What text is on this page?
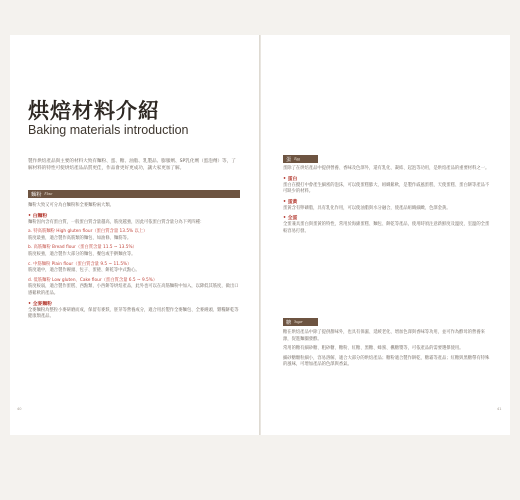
烘焙材料介紹
Baking materials introduction
製作烘焙產品與主要的材料大致有麵粉、蛋、糖、油脂、乳製品、膨脹劑、SP乳化劑（蛋泡劑）等，了解材料的特性可使烘焙產品品質更佳，作品會更好更成功，讓大家更加了解。
麵粉 Flour

麵粉大致又可分為白麵粉和全麥麵粉兩大類。

• 白麵粉

麵粉因內含有蛋白質，一般蛋白質含量越高，筋度越強，因此可依蛋白質含量分為下列四種：

a. 特高筋麵粉 High gluten flour（蛋白質含量 13.5% 以上）

筋度最強，適合製作高筋類的麵包、如油條、麵筋等。

b. 高筋麵粉 Bread flour（蛋白質含量 11.5 ~ 13.5%）

筋度較強，適合製作大部分的麵包、餐包或手擀麵食等。

c. 中筋麵粉 Plain flour（蛋白質含量 9.5 ~ 11.5%）

筋度適中，適合製作饅頭、包子、蛋捲、餅乾等中式點心。

d. 低筋麵粉 Low gluten、Cake flour（蛋白質含量 6.5 ~ 9.5%）

筋度較弱，適合製作蛋糕、西點類、小西餅等烘焙產品，此外也可以在高筋麵粉中加入，以降低其筋度，做出口感鬆軟的產品。

• 全麥麵粉

全麥麵粉為整粒小麥研磨而成，保留有麥麩、胚芽等營養成分，適合用於製作全麥麵包、全麥饅頭、雜糧餅乾等健康類產品。

40
蛋 Egg

蛋除了在烘焙產品中提供營養、香味及色澤外，還有乳化、凝結、起泡等功用，是烘焙產品的重要材料之一。

• 蛋白

蛋白在攪打中會產生細密的泡沫，可以使蛋糕膨大、組織鬆軟，是製作戚風蛋糕、天使蛋糕、蛋白餅等產品不可缺少的材料。

• 蛋黃

蛋黃含有卵磷脂，具有乳化作用，可以使油脂與水分融合，使產品組織細緻、色澤金黃。

• 全蛋

全蛋兼具蛋白與蛋黃的特性，常用於海綿蛋糕、麵包、餅乾等產品，使用時須注意新鮮度及溫度，室溫的全蛋較容易打發。

糖 Sugar

糖在烘焙產品中除了提供甜味外，也具有保濕、延緩老化、增加色澤與香味等功用，並可作為酵母的營養來源，促進麵團發酵。

常用的糖有細砂糖、粗砂糖、糖粉、紅糖、黑糖、蜂蜜、楓糖漿等，可依產品的需要選擇使用。

細砂糖顆粒細小，容易溶解，適合大部分的烘焙產品；糖粉適合製作餅乾、糖霜等產品；紅糖與黑糖帶有特殊的風味，可增加產品的色澤與香氣。

41
